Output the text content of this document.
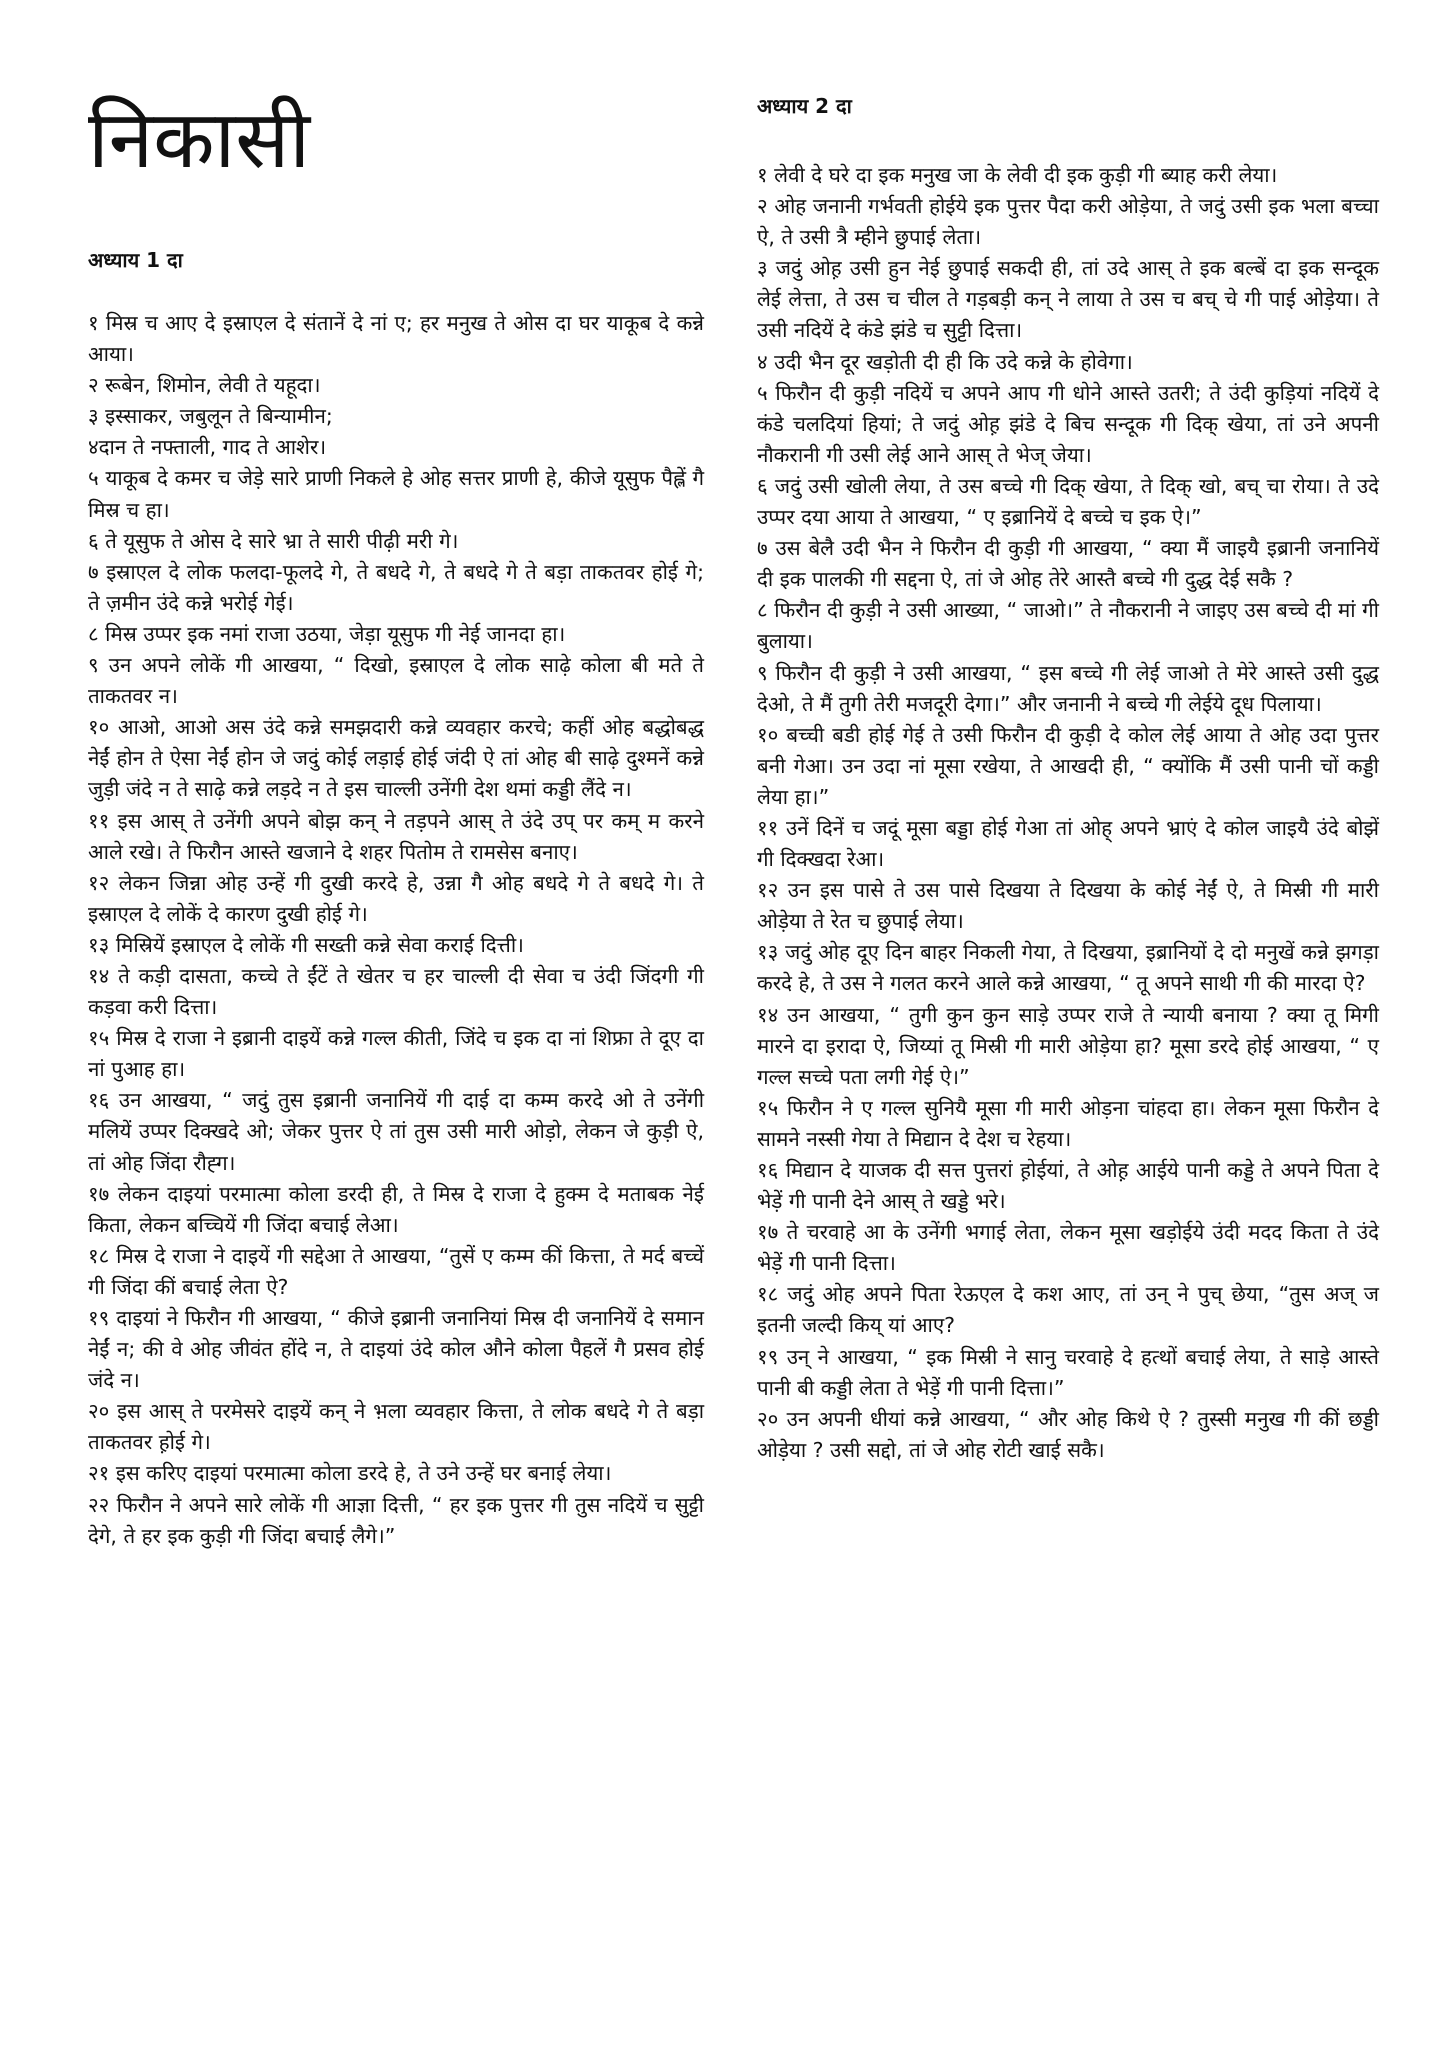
निकासी
अध्याय 1 दा

१ मिस्र च आए दे इस्राएल दे संतानें दे नां ए; हर मनुख ते ओस दा घर याकूब दे कन्ने आया।

२ रूबेन, शिमोन, लेवी ते यहूदा।

३ इस्साकर, जबुलून ते बिन्यामीन;

४दान ते नफ्ताली, गाद ते आशेर।

५ याकूब दे कमर च जेड़े सारे प्राणी निकले हे ओह सत्तर प्राणी हे, कीजे यूसुफ पैह्लें गै मिस्र च हा।

६ ते यूसुफ ते ओस दे सारे भ्रा ते सारी पीढ़ी मरी गे।

७ इस्राएल दे लोक फलदा-फूलदे गे, ते बधदे गे, ते बधदे गे ते बड़ा ताकतवर होई गे; ते ज़मीन उंदे कन्ने भरोई गेई।

८ मिस्र उप्पर इक नमां राजा उठया, जेड़ा यूसुफ गी नेई जानदा हा।

९ उन अपने लोकें गी आखया, “ दिखो, इस्राएल दे लोक साढ़े कोला बी मते ते ताकतवर न।

१० आओ, आओ अस उंदे कन्ने समझदारी कन्ने व्यवहार करचे; कहीं ओह बद्धोबद्ध नेईं होन ते ऐसा नेईं होन जे जदुं कोई लड़ाई होई जंदी ऐ तां ओह बी साढ़े दुश्मनें कन्ने जुड़ी जंदे न ते साढ़े कन्ने लड़दे न ते इस चाल्ली उनेंगी देश थमां कड्डी लैंदे न।

११ इस आस् ते उनेंगी अपने बोझ कन् ने तड़पने आस् ते उंदे उप् पर कम् म करने आले रखे। ते फिरौन आस्ते खजाने दे शहर पितोम ते रामसेस बनाए।

१२ लेकन जिन्ना ओह उन्हें गी दुखी करदे हे, उन्ना गै ओह बधदे गे ते बधदे गे। ते इस्राएल दे लोकें दे कारण दुखी होई गे।

१३ मिस्रियें इस्राएल दे लोकें गी सख्ती कन्ने सेवा कराई दित्ती।

१४ ते कड़ी दासता, कच्चे ते ईंटें ते खेतर च हर चाल्ली दी सेवा च उंदी जिंदगी गी कड़वा करी दित्ता।

१५ मिस्र दे राजा ने इब्रानी दाइयें कन्ने गल्ल कीती, जिंदे च इक दा नां शिफ्रा ते दूए दा नां पुआह हा।

१६ उन आखया, “ जदुं तुस इब्रानी जनानियें गी दाई दा कम्म करदे ओ ते उनेंगी मलियें उप्पर दिक्खदे ओ; जेकर पुत्तर ऐ तां तुस उसी मारी ओड़ो, लेकन जे कुड़ी ऐ, तां ओह जिंदा रौह्ग।

१७ लेकन दाइयां परमात्मा कोला डरदी ही, ते मिस्र दे राजा दे हुक्म दे मताबक नेई किता, लेकन बच्चियें गी जिंदा बचाई लेआ।

१८ मिस्र दे राजा ने दाइयें गी सद्देआ ते आखया, “तुसें ए कम्म कीं कित्ता, ते मर्द बच्चें गी जिंदा कीं बचाई लेता ऐ?

१९ दाइयां ने फिरौन गी आखया, “ कीजे इब्रानी जनानियां मिस्र दी जनानियें दे समान नेईं न; की वे ओह जीवंत होंदे न, ते दाइयां उंदे कोल औने कोला पैहलें गै प्रसव होई जंदे न।

२० इस आस् ते परमेसरे दाइयें कन् ने भ़ला व्यवहार कित्ता, ते लोक बधदे गे ते बड़ा ताकतवर ह़ोई गे।

२१ इस करिए दाइयां परमात्मा कोला डरदे हे, ते उने उन्हें घर बनाई लेया।

२२ फिरौन ने अपने सारे लोकें गी आज्ञा दित्ती, “ हर इक पुत्तर गी तुस नदियें च सुट्टी देगे, ते हर इक कुड़ी गी जिंदा बचाई लैगे।”

अध्याय 2 दा

१ लेवी दे घरे दा इक मनुख जा के लेवी दी इक कुड़ी गी ब्याह करी लेया।

२ ओह जनानी गर्भवती होईये इक पुत्तर पैदा करी ओड़ेया, ते जदुं उसी इक भला बच्चा ऐ, ते उसी त्रै म्हीने छुपाई लेता।

३ जदुं ओह़ उसी हुन नेई छुपाई सकदी ही, तां उदे आस् ते इक बल्बें दा इक सन्दूक लेई लेत्ता, ते उस च चील ते गड़बड़ी कन् ने लाया ते उस च बच् चे गी पाई ओड़ेया। ते उसी नदियें दे कंडे झंडे च सुट्टी दित्ता।

४ उदी भैन दूर खड़ोती दी ही कि उदे कन्ने के होवेगा।

५ फिरौन दी कुड़ी नदियें च अपने आप गी धोने आस्ते उतरी; ते उंदी कुड़ियां नदियें दे कंडे चलदियां हियां; ते जदुं ओह़ झंडे दे बिच सन्दूक गी दिक् खेया, तां उने अपनी नौकरानी गी उसी लेई आने आस् ते भेज् जेया।

६ जदुं उसी खोली लेया, ते उस बच्चे गी दिक् खेया, ते दिक् खो, बच् चा रोया। ते उदे उप्पर दया आया ते आखया, “ ए इब्रानियें दे बच्चे च इक ऐ।”

७ उस बेलै उदी भैन ने फिरौन दी कुड़ी गी आखया, “ क्या मैं जाइयै इब्रानी जनानियें दी इक पालकी गी सद्दना ऐ, तां जे ओह तेरे आस्तै बच्चे गी दुद्ध देई सकै ?

८ फिरौन दी कुड़ी ने उसी आख्या, “ जाओ।” ते नौकरानी ने जाइए उस बच्चे दी मां गी बुलाया।

९ फिरौन दी कुड़ी ने उसी आखया, “ इस बच्चे गी लेई जाओ ते मेरे आस्ते उसी दुद्ध देओ, ते मैं तुगी तेरी मजदूरी देगा।” और जनानी ने बच्चे गी लेईये दूध पिलाया।

१० बच्ची बडी होई गेई ते उसी फिरौन दी कुड़ी दे कोल लेई आया ते ओह उदा पुत्तर बनी गेआ। उन उदा नां मूसा रखेया, ते आखदी ही, “ क्योंकि मैं उसी पानी चों कड्डी लेया हा।”

११ उनें दिनें च जदूं मूसा बड्डा होई गेआ तां ओह् अपने भ्राएं दे कोल जाइयै उंदे बोझें गी दिक्खदा रेआ।

१२ उन इस पासे ते उस पासे दिखया ते दिखया के कोई नेईं ऐ, ते मिस्री गी मारी ओड़ेया ते रेत च छुपाई लेया।

१३ जदुं ओह दूए दिन बाहर निकली गेया, ते दिखया, इब्रानियों दे दो मनुखें कन्ने झगड़ा करदे हे, ते उस ने गलत करने आले कन्ने आखया, “ तू अपने साथी गी की मारदा ऐ?

१४ उन आखया, “ तुगी कुन कुन साड़े उप्पर राजे ते न्यायी बनाया ? क्या तू मिगी मारने दा इरादा ऐ, जिय्यां तू मिस्री गी मारी ओड़ेया हा? मूसा डरदे होई आखया, “ ए गल्ल सच्चे पता लगी गेई ऐ।”

१५ फिरौन ने ए गल्ल सुनियै मूसा गी मारी ओड़ना चांहदा हा। लेकन मूसा फिरौन दे सामने नस्सी गेया ते मिद्यान दे देश च रेहया।

१६ मिद्यान दे याजक दी सत्त पुत्तरां ह़ोईयां, ते ओह़ आईये पानी कड्डे ते अपने पिता दे भेड़ें गी पानी देने आस् ते खड्डे भरे।

१७ ते चरवाहे आ के उनेंगी भगाई लेता, लेकन मूसा खड़ोईये उंदी मदद किता ते उंदे भेड़ें गी पानी दित्ता।

१८ जदुं ओह अपने पिता रेऊएल दे कश आए, तां उन् ने पुच् छेया, “तुस अज् ज इतनी जल्दी किय् यां आए?

१९ उन् ने आखया, “ इक मिस्री ने सानु चरवाहे दे हत्थों बचाई लेया, ते साड़े आस्ते पानी बी कड्डी लेता ते भेड़ें गी पानी दित्ता।”

२० उन अपनी धीयां कन्ने आखया, “ और ओह किथे ऐ ? तुस्सी मनुख गी कीं छड्डी ओड़ेया ? उसी सद्दो, तां जे ओह रोटी खाई सकै।
